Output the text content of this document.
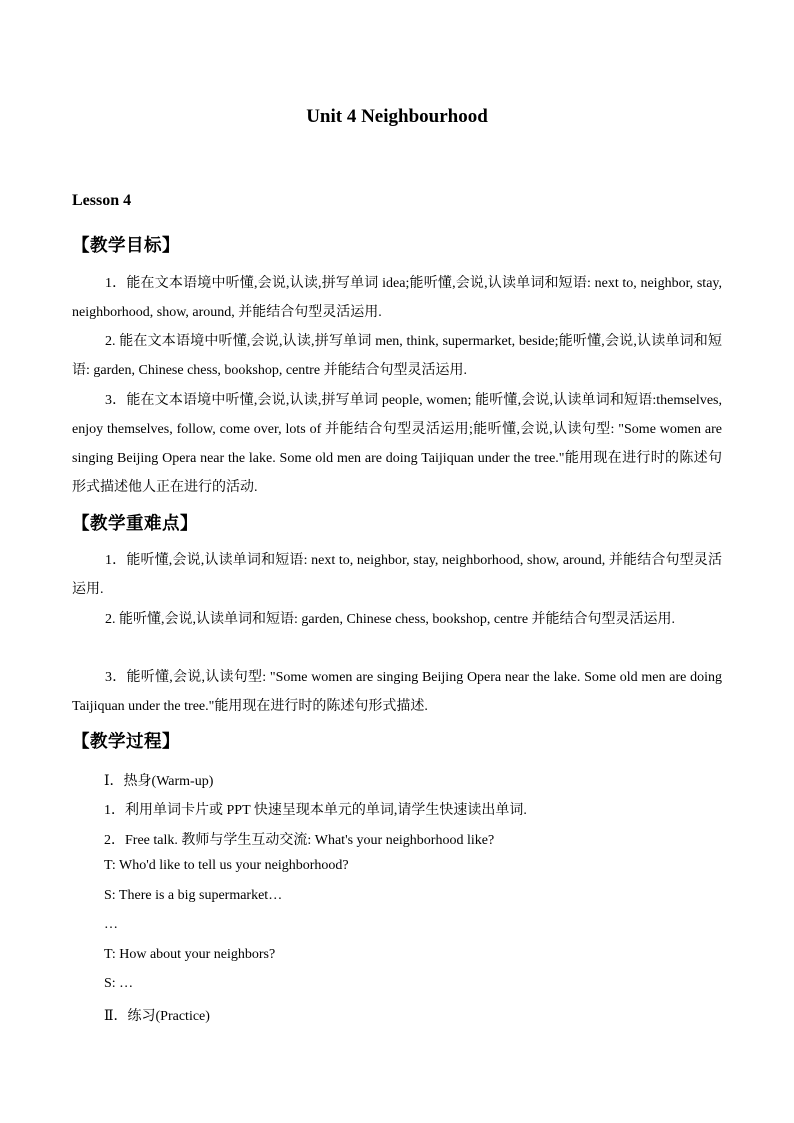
Unit 4 Neighbourhood
Lesson 4
【教学目标】
1．能在文本语境中听懂,会说,认读,拼写单词 idea;能听懂,会说,认读单词和短语: next to, neighbor, stay, neighborhood, show, around, 并能结合句型灵活运用.
2. 能在文本语境中听懂,会说,认读,拼写单词 men, think, supermarket, beside;能听懂,会说,认读单词和短语: garden, Chinese chess, bookshop, centre 并能结合句型灵活运用.
3．能在文本语境中听懂,会说,认读,拼写单词 people, women; 能听懂,会说,认读单词和短语:themselves, enjoy themselves, follow, come over, lots of 并能结合句型灵活运用;能听懂,会说,认读句型: "Some women are singing Beijing Opera near the lake. Some old men are doing Taijiquan under the tree."能用现在进行时的陈述句形式描述他人正在进行的活动.
【教学重难点】
1．能听懂,会说,认读单词和短语: next to, neighbor, stay, neighborhood, show, around, 并能结合句型灵活运用.
2. 能听懂,会说,认读单词和短语: garden, Chinese chess, bookshop, centre 并能结合句型灵活运用.
3．能听懂,会说,认读句型: "Some women are singing Beijing Opera near the lake. Some old men are doing Taijiquan under the tree."能用现在进行时的陈述句形式描述.
【教学过程】
Ⅰ．热身(Warm-up)
1．利用单词卡片或 PPT 快速呈现本单元的单词,请学生快速读出单词.
2．Free talk. 教师与学生互动交流: What's your neighborhood like?
T: Who'd like to tell us your neighborhood?
S: There is a big supermarket…
…
T: How about your neighbors?
S: …
Ⅱ．练习(Practice)
